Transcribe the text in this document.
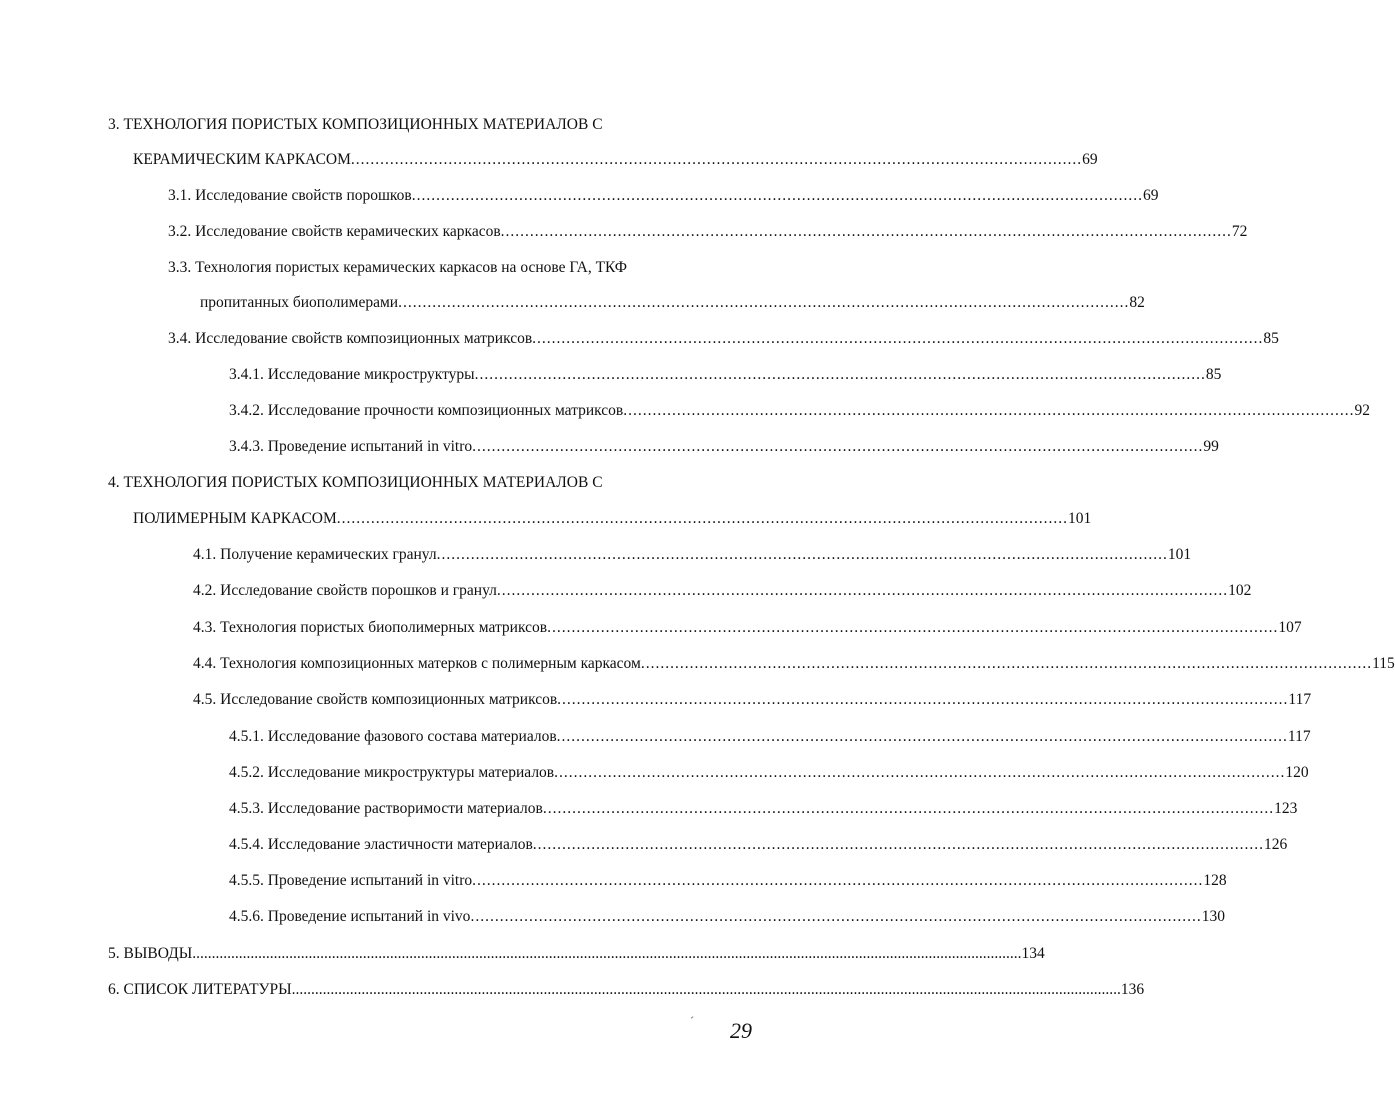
3. ТЕХНОЛОГИЯ ПОРИСТЫХ КОМПОЗИЦИОННЫХ МАТЕРИАЛОВ С
КЕРАМИЧЕСКИМ КАРКАСОМ ...................................................................................................................................................... 69
3.1. Исследование свойств порошков ...................................................................................................................................................... 69
3.2. Исследование свойств керамических каркасов ...................................................................................................................................................... 72
3.3. Технология пористых керамических каркасов на основе ГА, ТКФ
пропитанных биополимерами ...................................................................................................................................................... 82
3.4. Исследование свойств композиционных матриксов ...................................................................................................................................................... 85
3.4.1. Исследование микроструктуры ...................................................................................................................................................... 85
3.4.2. Исследование прочности композиционных матриксов ...................................................................................................................................................... 92
3.4.3. Проведение испытаний in vitro ...................................................................................................................................................... 99
4. ТЕХНОЛОГИЯ ПОРИСТЫХ КОМПОЗИЦИОННЫХ МАТЕРИАЛОВ С
ПОЛИМЕРНЫМ КАРКАСОМ ...................................................................................................................................................... 101
4.1. Получение керамических гранул ...................................................................................................................................................... 101
4.2. Исследование свойств порошков и гранул ...................................................................................................................................................... 102
4.3. Технология пористых биополимерных матриксов ...................................................................................................................................................... 107
4.4. Технология композиционных матерков с полимерным каркасом ...................................................................................................................................................... 115
4.5. Исследование свойств композиционных матриксов ...................................................................................................................................................... 117
4.5.1. Исследование фазового состава материалов ...................................................................................................................................................... 117
4.5.2. Исследование микроструктуры материалов ...................................................................................................................................................... 120
4.5.3. Исследование растворимости материалов ...................................................................................................................................................... 123
4.5.4. Исследование эластичности материалов ...................................................................................................................................................... 126
4.5.5. Проведение испытаний in vitro ...................................................................................................................................................... 128
4.5.6. Проведение испытаний in vivo ...................................................................................................................................................... 130
5. ВЫВОДЫ ...................................................................................................................................................................................................................... 134
6. СПИСОК ЛИТЕРАТУРЫ ...................................................................................................................................................................................................................... 136
ˊ 29
